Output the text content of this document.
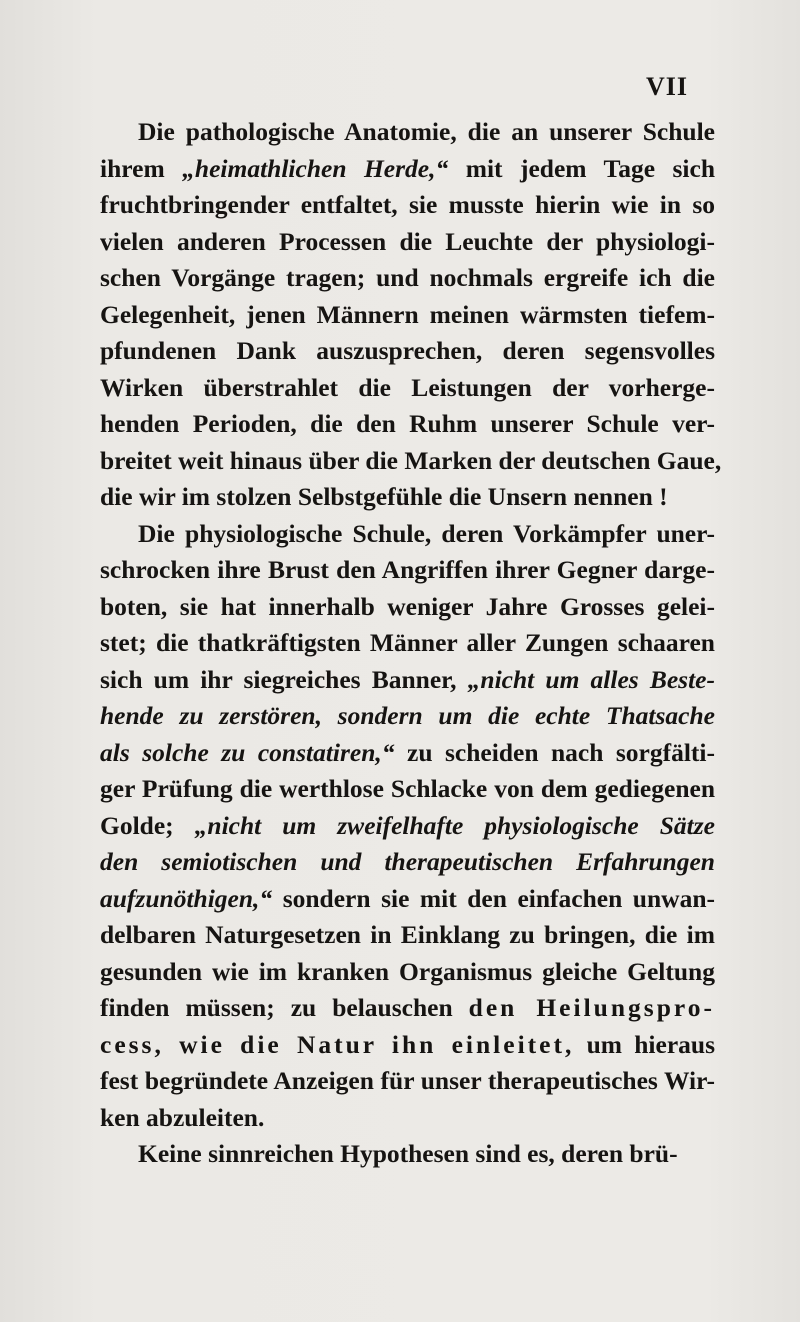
VII
Die pathologische Anatomie, die an unserer Schule
ihrem „heimathlichen Herde,“ mit jedem Tage sich
fruchtbringender entfaltet, sie musste hierin wie in so
vielen anderen Processen die Leuchte der physiologi-
schen Vorgänge tragen; und nochmals ergreife ich die
Gelegenheit, jenen Männern meinen wärmsten tiefem-
pfundenen Dank auszusprechen, deren segensvolles
Wirken überstrahlet die Leistungen der vorherge-
henden Perioden, die den Ruhm unserer Schule ver-
breitet weit hinaus über die Marken der deutschen Gaue,
die wir im stolzen Selbstgefühle die Unsern nennen !
Die physiologische Schule, deren Vorkämpfer uner-
schrocken ihre Brust den Angriffen ihrer Gegner darge-
boten, sie hat innerhalb weniger Jahre Grosses gelei-
stet; die thatkräftigsten Männer aller Zungen schaaren
sich um ihr siegreiches Banner, „nicht um alles Beste-
hende zu zerstören, sondern um die echte Thatsache
als solche zu constatiren,“ zu scheiden nach sorgfälti-
ger Prüfung die werthlose Schlacke von dem gediegenen
Golde; „nicht um zweifelhafte physiologische Sätze
den semiotischen und therapeutischen Erfahrungen
aufzunöthigen,“ sondern sie mit den einfachen unwan-
delbaren Naturgesetzen in Einklang zu bringen, die im
gesunden wie im kranken Organismus gleiche Geltung
finden müssen; zu belauschen den Heilungspro-
cess, wie die Natur ihn einleitet, um hieraus
fest begründete Anzeigen für unser therapeutisches Wir-
ken abzuleiten.
Keine sinnreichen Hypothesen sind es, deren brü-
